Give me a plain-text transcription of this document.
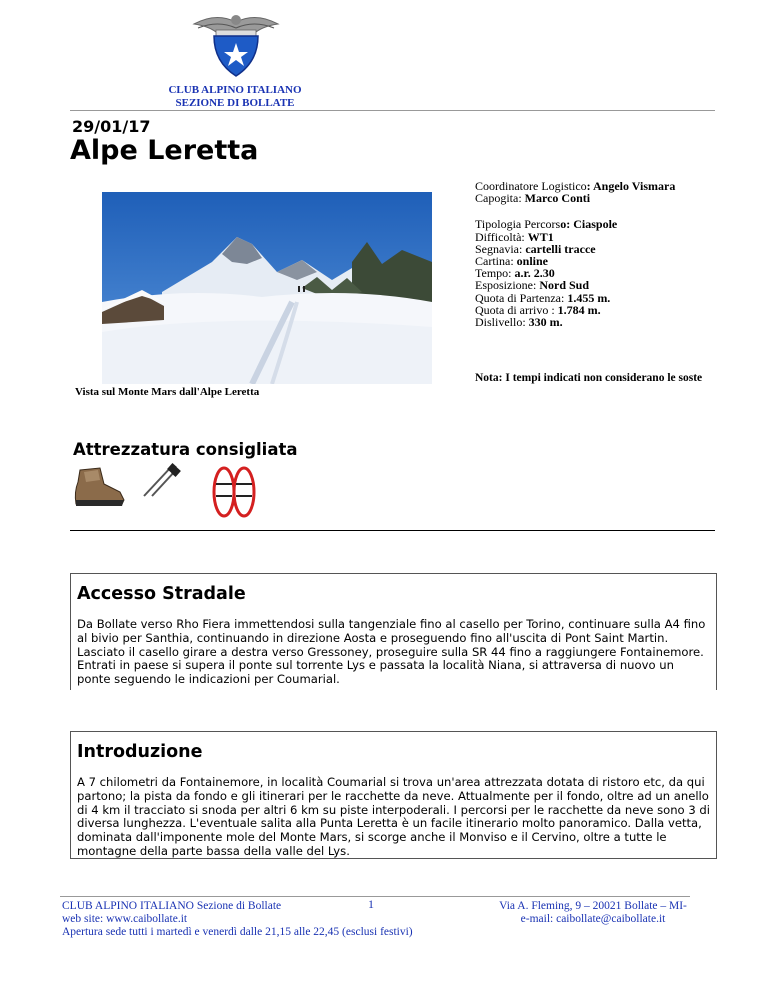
CLUB ALPINO ITALIANO
SEZIONE DI BOLLATE
29/01/17
Alpe Leretta
Vista sul Monte Mars dall'Alpe Leretta
Coordinatore Logistico: Angelo Vismara
Capogita: Marco Conti
Tipologia Percorso: Ciaspole
Difficoltà: WT1
Segnavia: cartelli tracce
Cartina: online
Tempo: a.r. 2.30
Esposizione: Nord Sud
Quota di Partenza: 1.455 m.
Quota di arrivo : 1.784 m.
Dislivello: 330 m.
Nota: I tempi indicati non considerano le soste
Attrezzatura consigliata
Accesso Stradale

Da Bollate verso Rho Fiera immettendosi sulla tangenziale fino al casello per Torino, continuare sulla A4 fino al bivio per Santhia, continuando in direzione Aosta e proseguendo fino all'uscita di Pont Saint Martin. Lasciato il casello girare a destra verso Gressoney, proseguire sulla SR 44 fino a raggiungere Fontainemore. Entrati in paese si supera il ponte sul torrente Lys e passata la località Niana, si attraversa di nuovo un ponte seguendo le indicazioni per Coumarial.

Introduzione

A 7 chilometri da Fontainemore, in località Coumarial si trova un'area attrezzata dotata di ristoro etc, da qui partono; la pista da fondo e gli itinerari per le racchette da neve. Attualmente per il fondo, oltre ad un anello di 4 km il tracciato si snoda per altri 6 km su piste interpoderali. I percorsi per le racchette da neve sono 3 di diversa lunghezza. L'eventuale salita alla Punta Leretta è un facile itinerario molto panoramico. Dalla vetta, dominata dall'imponente mole del Monte Mars, si scorge anche il Monviso e il Cervino, oltre a tutte le montagne della parte bassa della valle del Lys.

CLUB ALPINO ITALIANO Sezione di Bollate
web site: www.caibollate.it
Apertura sede tutti i martedì e venerdì dalle 21,15 alle 22,45 (esclusi festivi)
1	Via A. Fleming, 9 – 20021 Bollate – MI-
e-mail: caibollate@caibollate.it
